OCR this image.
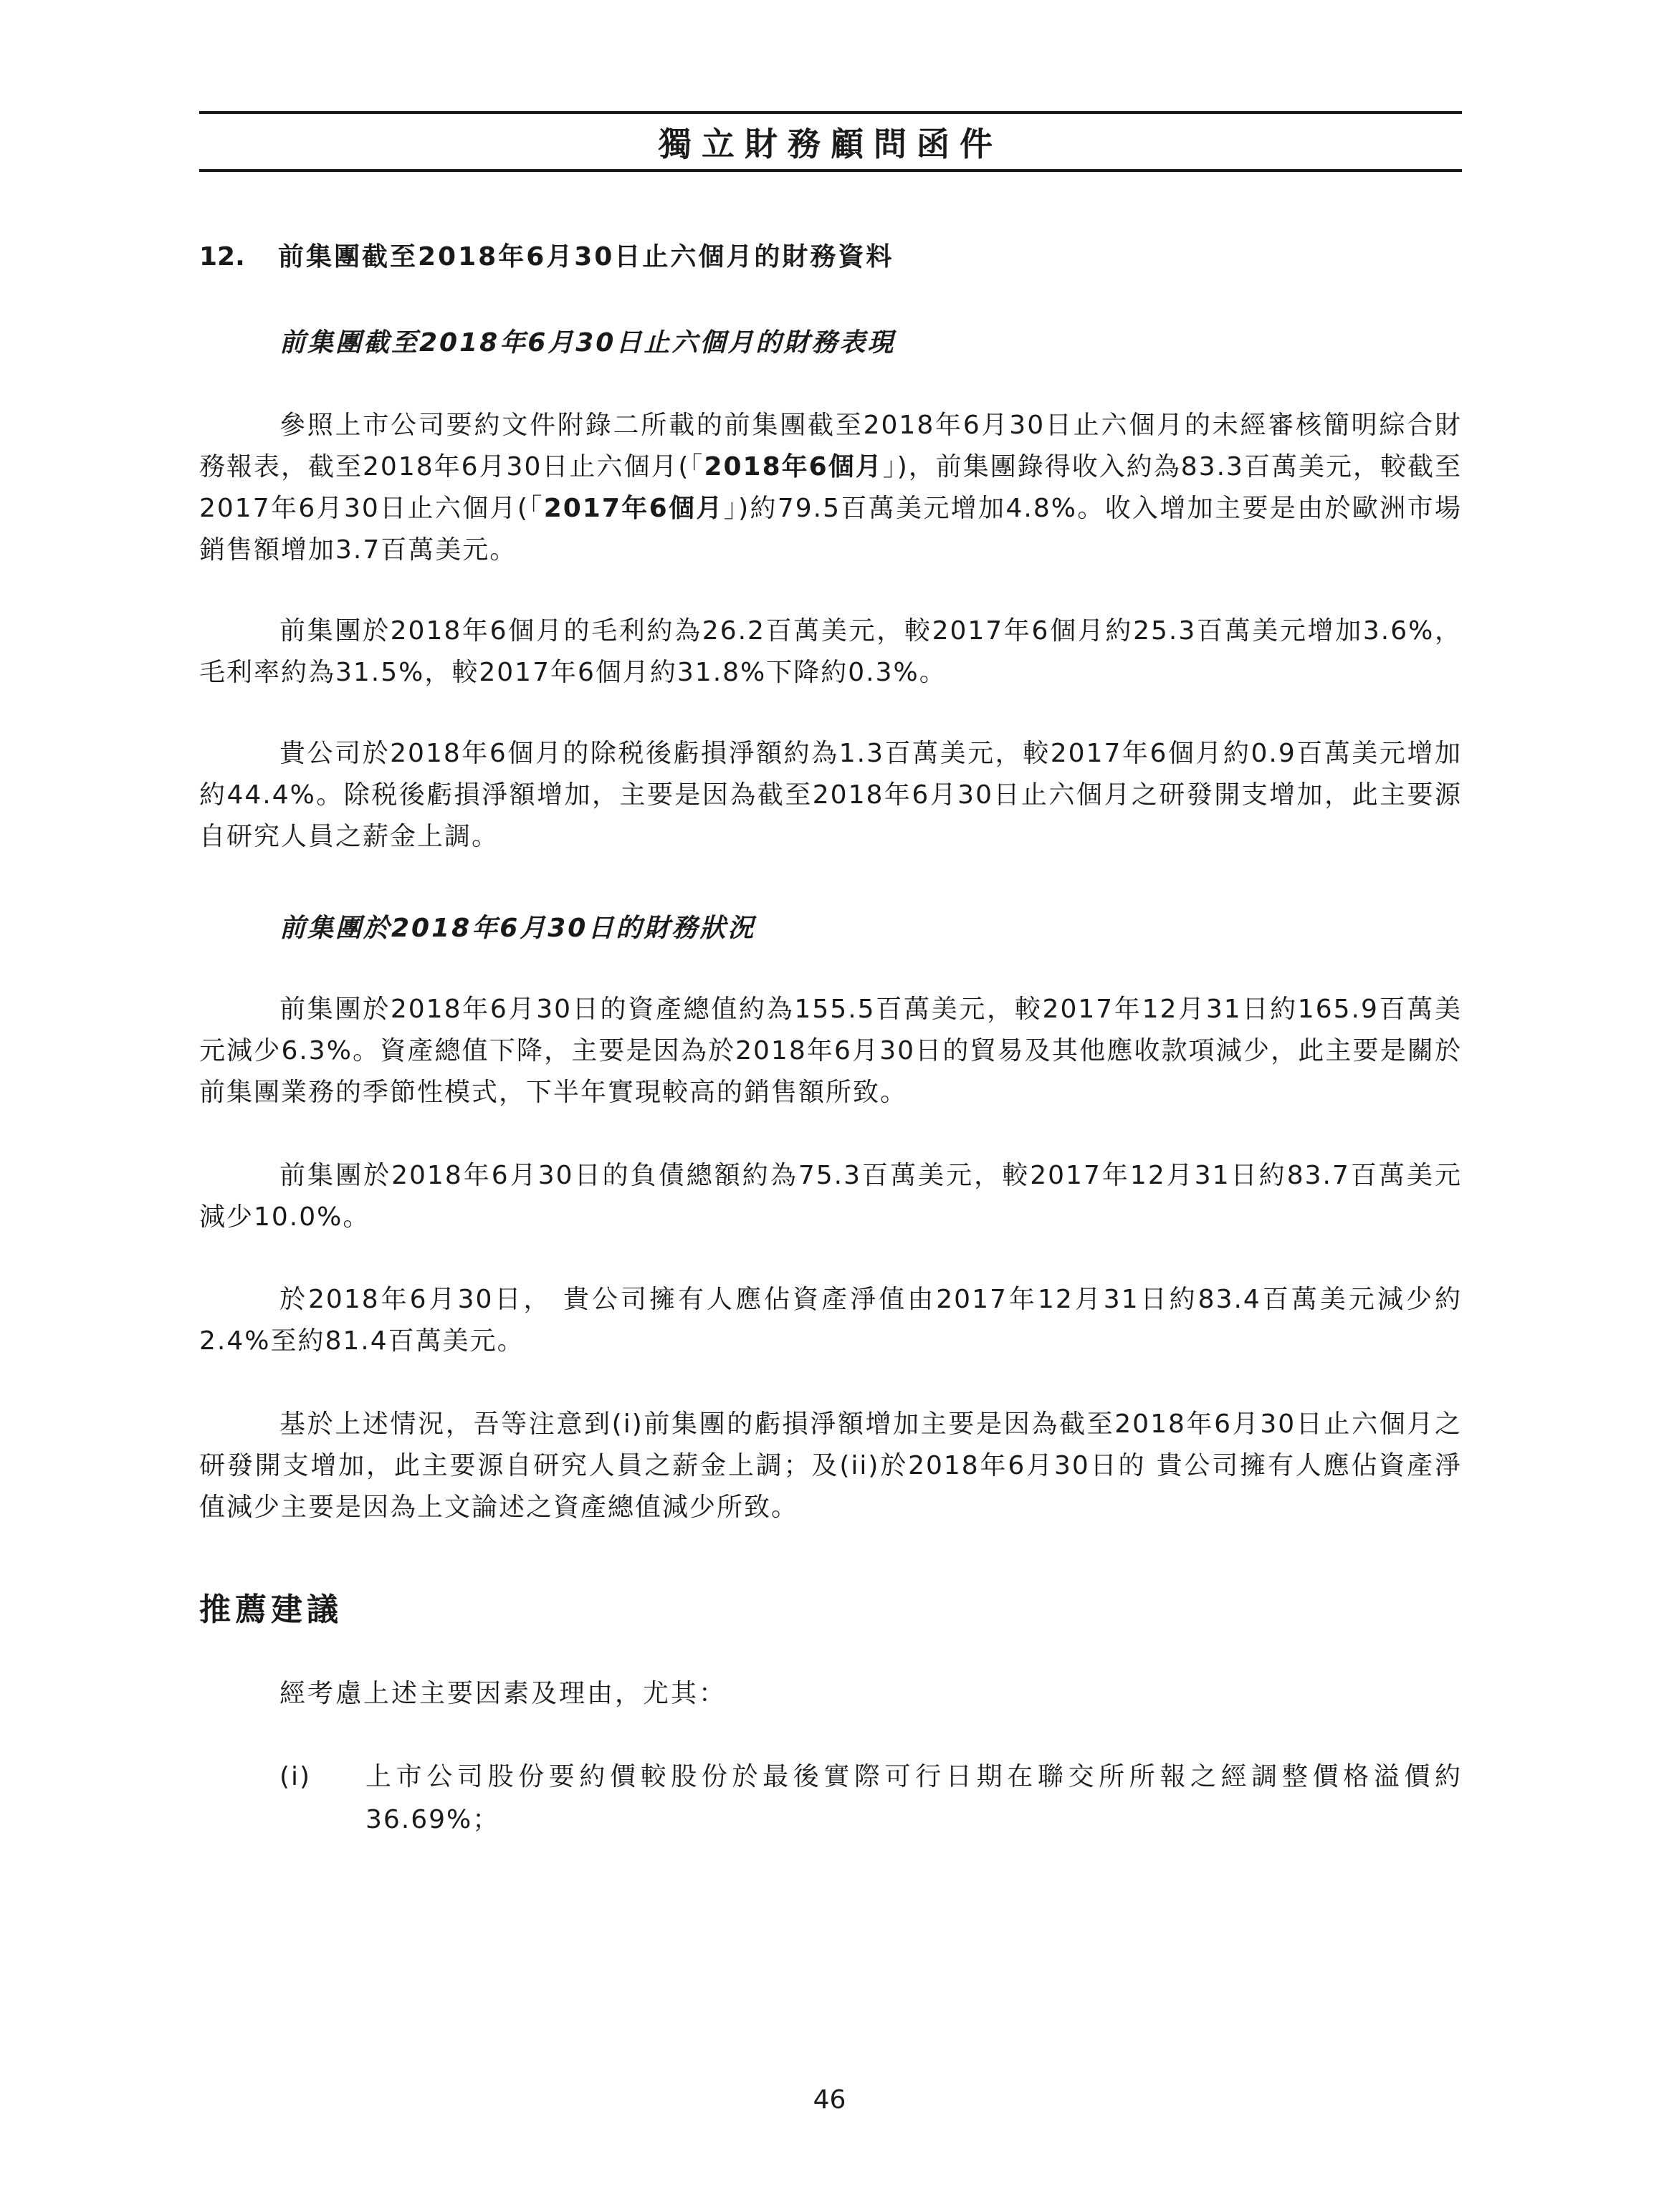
獨立財務顧問函件
12. 前集團截至2018年6月30日止六個月的財務資料
前集團截至2018年6月30日止六個月的財務表現

參照上市公司要約文件附錄二所載的前集團截至2018年6月30日止六個月的未經審核簡明綜合財務報表，截至2018年6月30日止六個月(「2018年6個月」)，前集團錄得收入約為83.3百萬美元，較截至2017年6月30日止六個月(「2017年6個月」)約79.5百萬美元增加4.8%。收入增加主要是由於歐洲市場銷售額增加3.7百萬美元。

前集團於2018年6個月的毛利約為26.2百萬美元，較2017年6個月約25.3百萬美元增加3.6%，毛利率約為31.5%，較2017年6個月約31.8%下降約0.3%。

貴公司於2018年6個月的除税後虧損淨額約為1.3百萬美元，較2017年6個月約0.9百萬美元增加約44.4%。除税後虧損淨額增加，主要是因為截至2018年6月30日止六個月之研發開支增加，此主要源自研究人員之薪金上調。

前集團於2018年6月30日的財務狀況

前集團於2018年6月30日的資產總值約為155.5百萬美元，較2017年12月31日約165.9百萬美元減少6.3%。資產總值下降，主要是因為於2018年6月30日的貿易及其他應收款項減少，此主要是關於前集團業務的季節性模式，下半年實現較高的銷售額所致。

前集團於2018年6月30日的負債總額約為75.3百萬美元，較2017年12月31日約83.7百萬美元減少10.0%。

於2018年6月30日， 貴公司擁有人應佔資產淨值由2017年12月31日約83.4百萬美元減少約2.4%至約81.4百萬美元。

基於上述情況，吾等注意到(i)前集團的虧損淨額增加主要是因為截至2018年6月30日止六個月之研發開支增加，此主要源自研究人員之薪金上調；及(ii)於2018年6月30日的 貴公司擁有人應佔資產淨值減少主要是因為上文論述之資產總值減少所致。

推薦建議
經考慮上述主要因素及理由，尤其：
(i) 上市公司股份要約價較股份於最後實際可行日期在聯交所所報之經調整價格溢價約36.69%；
46
